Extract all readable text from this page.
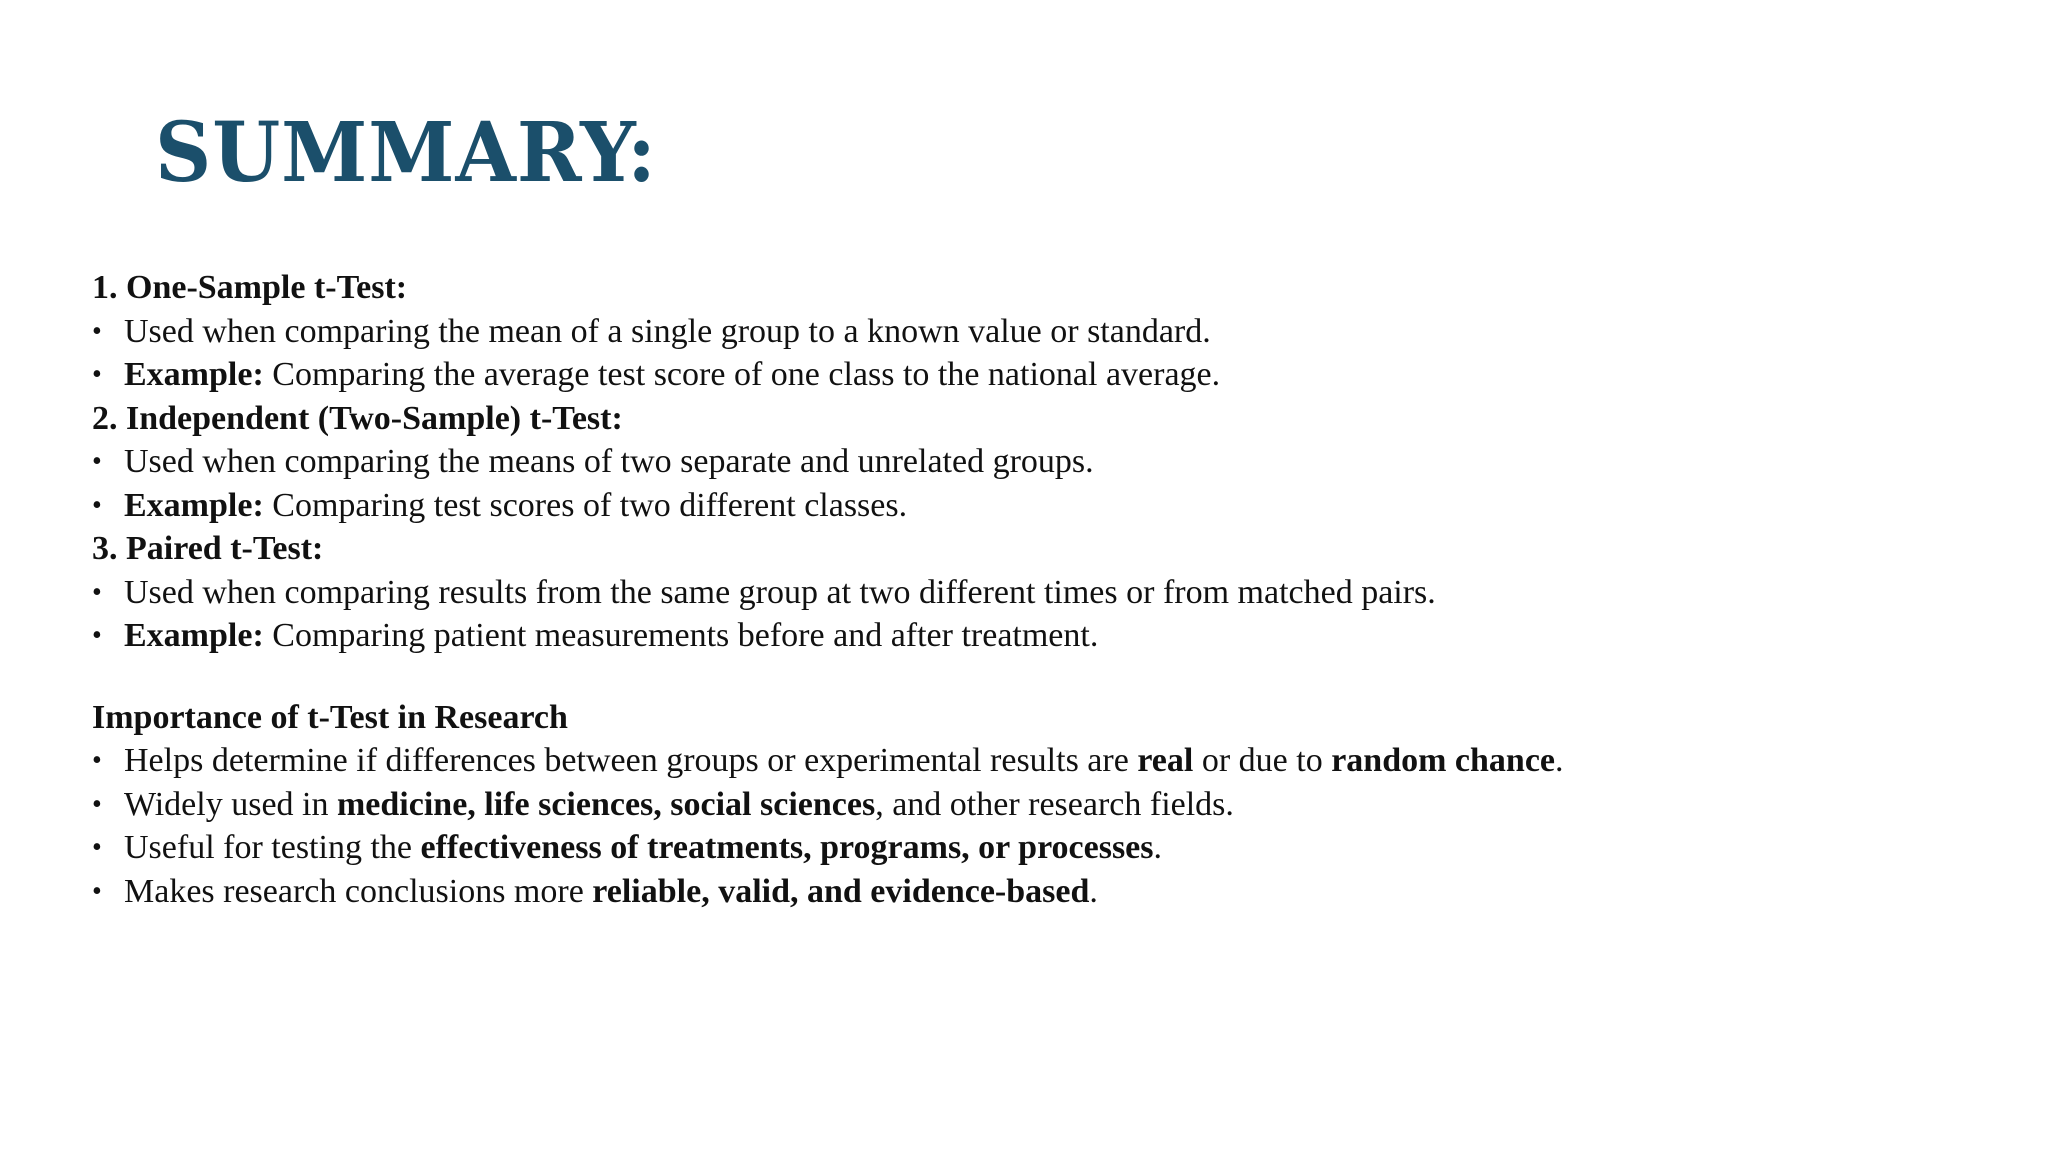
SUMMARY:

1. One-Sample t-Test:

• Used when comparing the mean of a single group to a known value or standard.

• Example: Comparing the average test score of one class to the national average.

2. Independent (Two-Sample) t-Test:

• Used when comparing the means of two separate and unrelated groups.

• Example: Comparing test scores of two different classes.

3. Paired t-Test:

• Used when comparing results from the same group at two different times or from matched pairs.

• Example: Comparing patient measurements before and after treatment.

Importance of t-Test in Research

• Helps determine if differences between groups or experimental results are real or due to random chance.

• Widely used in medicine, life sciences, social sciences, and other research fields.

• Useful for testing the effectiveness of treatments, programs, or processes.

• Makes research conclusions more reliable, valid, and evidence-based.
